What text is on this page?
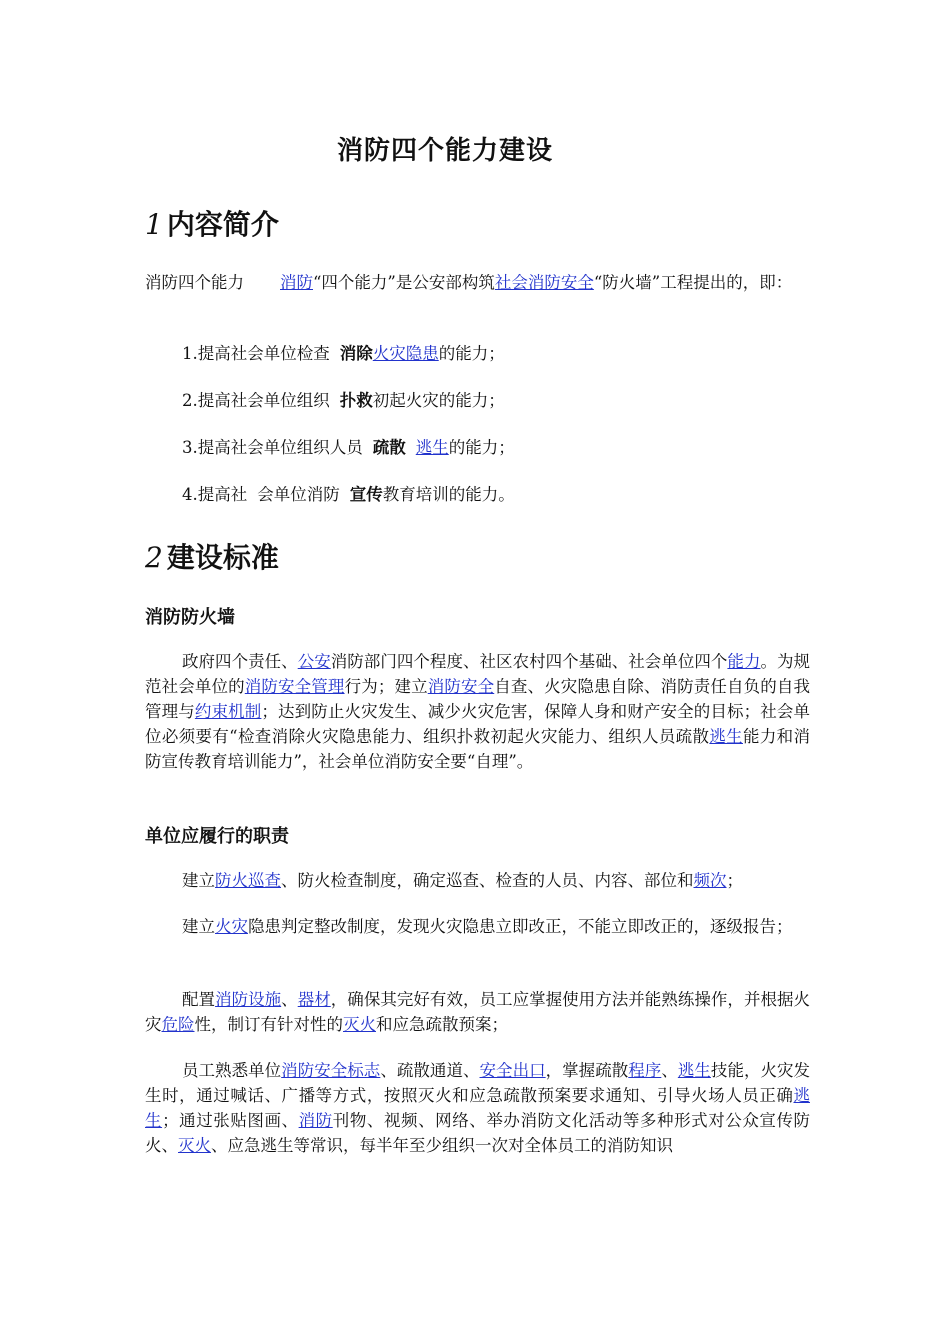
消防四个能力建设
1 内容简介
消防四个能力 消防“四个能力”是公安部构筑社会消防安全“防火墙”工程提出的，即：
1.提高社会单位检查 消除火灾隐患的能力；
2.提高社会单位组织 扑救初起火灾的能力；
3.提高社会单位组织人员 疏散 逃生的能力；
4.提高社 会单位消防 宣传教育培训的能力。
2 建设标准
消防防火墙
政府四个责任、公安消防部门四个程度、社区农村四个基础、社会单位四个能力。为规范社会单位的消防安全管理行为；建立消防安全自查、火灾隐患自除、消防责任自负的自我管理与约束机制；达到防止火灾发生、减少火灾危害，保障人身和财产安全的目标；社会单位必须要有“检查消除火灾隐患能力、组织扑救初起火灾能力、组织人员疏散逃生能力和消防宣传教育培训能力”，社会单位消防安全要“自理”。
单位应履行的职责
建立防火巡查、防火检查制度，确定巡查、检查的人员、内容、部位和频次；
建立火灾隐患判定整改制度，发现火灾隐患立即改正，不能立即改正的，逐级报告；
配置消防设施、器材，确保其完好有效，员工应掌握使用方法并能熟练操作，并根据火灾危险性，制订有针对性的灭火和应急疏散预案；
员工熟悉单位消防安全标志、疏散通道、安全出口，掌握疏散程序、逃生技能，火灾发生时，通过喊话、广播等方式，按照灭火和应急疏散预案要求通知、引导火场人员正确逃生；通过张贴图画、消防刊物、视频、网络、举办消防文化活动等多种形式对公众宣传防火、灭火、应急逃生等常识，每半年至少组织一次对全体员工的消防知识
